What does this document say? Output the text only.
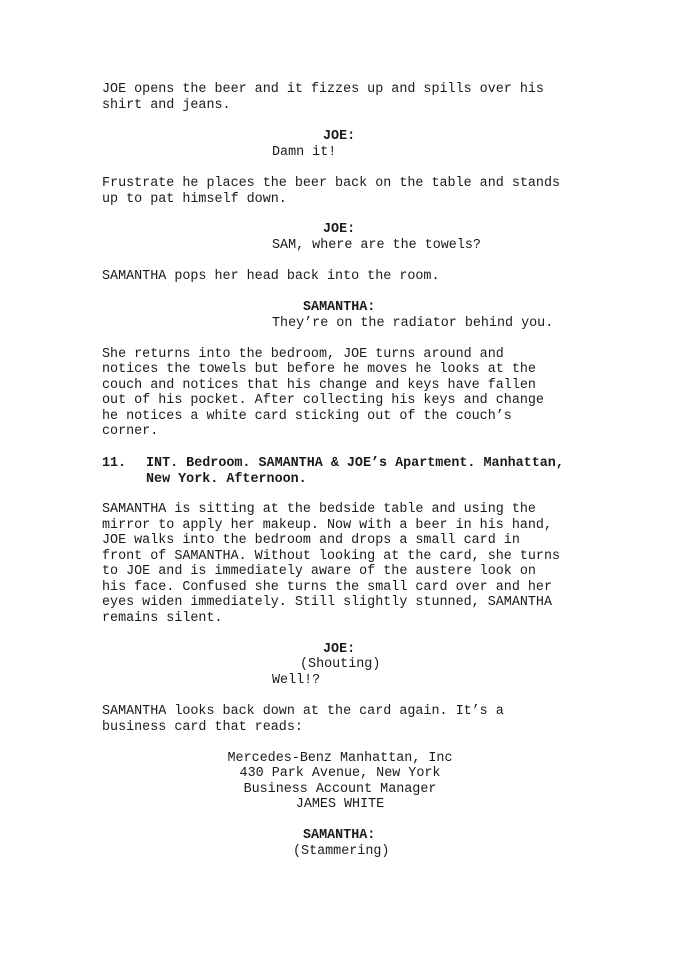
JOE opens the beer and it fizzes up and spills over his

shirt and jeans.

JOE:

Damn it!

Frustrate he places the beer back on the table and stands

up to pat himself down.

JOE:

SAM, where are the towels?

SAMANTHA pops her head back into the room.

SAMANTHA:

They’re on the radiator behind you.

She returns into the bedroom, JOE turns around and

notices the towels but before he moves he looks at the

couch and notices that his change and keys have fallen

out of his pocket. After collecting his keys and change

he notices a white card sticking out of the couch’s

corner.

11. INT. Bedroom. SAMANTHA & JOE’s Apartment. Manhattan,

New York. Afternoon.

SAMANTHA is sitting at the bedside table and using the

mirror to apply her makeup. Now with a beer in his hand,

JOE walks into the bedroom and drops a small card in

front of SAMANTHA. Without looking at the card, she turns

to JOE and is immediately aware of the austere look on

his face. Confused she turns the small card over and her

eyes widen immediately. Still slightly stunned, SAMANTHA

remains silent.

JOE:

(Shouting)

Well!?

SAMANTHA looks back down at the card again. It’s a

business card that reads:

Mercedes-Benz Manhattan, Inc

430 Park Avenue, New York

Business Account Manager

JAMES WHITE

SAMANTHA:

(Stammering)
